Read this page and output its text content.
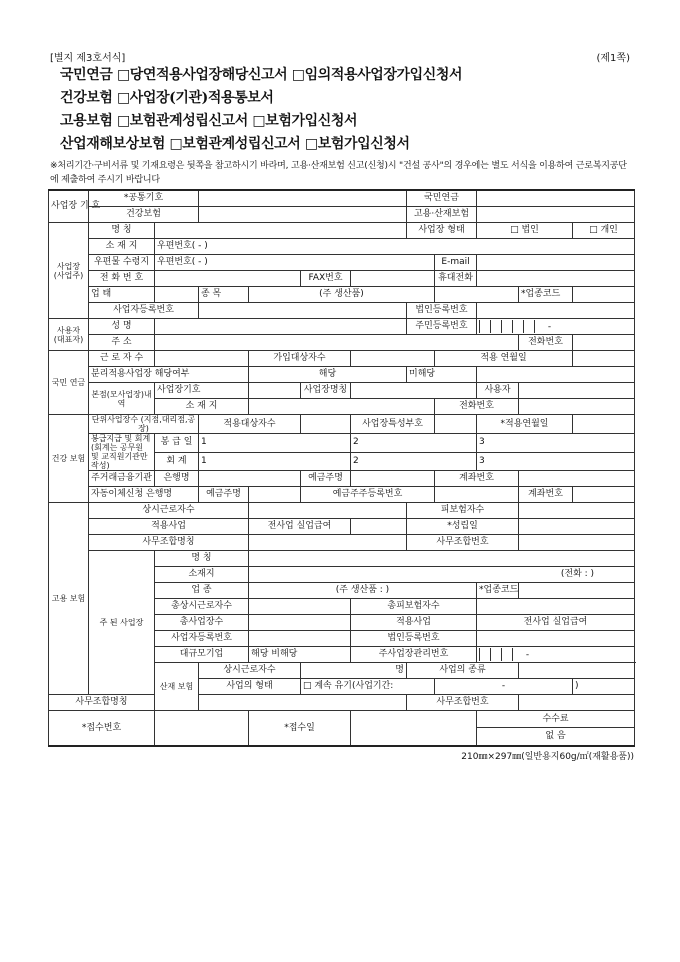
[별지 제3호서식]	(제1쪽)
국민연금 □당연적용사업장해당신고서 □임의적용사업장가입신청서
건강보험 □사업장(기관)적용통보서
고용보험 □보험관계성립신고서 □보험가입신청서
산업재해보상보험 □보험관계성립신고서 □보험가입신청서
※처리기간·구비서류 및 기재요령은 뒷쪽을 참고하시기 바라며, 고용·산재보험 신고(신청)시 "건설 공사"의 경우에는 별도 서식을 이용하여 근로복지공단에 제출하여 주시기 바랍니다
사업장 기 호	*공통기호						국민연금					
	건강보험						고용·산재보험					
사업장 (사업주)	명 칭						사업장 형태		□ 법인		□ 개인	
	소 재 지	우편번호( - )										
	우편물 수령지	우편번호( - )						E-mail				
	전 화 번 호				FAX번호			휴대전화				
	업 태		종 목	(주 생산품)						*업종코드		
	사업자등록번호						법인등록번호					
사용자 (대표자)	성 명						주민등록번호		-			
	주 소									전화번호		
국민 연금	근 로 자 수			가입대상자수				적용 연월일				
	분리적용사업장 해당여부			해당			미해당					
	본점(모사업장)내역	사업장기호			사업장명칭				사용자			
		소 재 지						전화번호				
건강 보험	단위사업장수 (지점,대리점,공장)		적용대상자수			사업장특성부호			*적용연월일			
	봉급지급 및 회계 (회계는 공무원 및 교직원기관만 작성)	봉 급 일	1			2			3			
		회 계	1			2			3			
	주거래금융기관	은행명			예금주명			계좌번호				
	자동이체신청 은행명		예금주명		예금주주등록번호					계좌번호		
고용 보험	상시근로자수						피보험자수					
	적용사업			전사업 실업급여			*성립일					
	사무조합명칭						사무조합번호					
	주 된 사업장	명 칭										
		소재지		(전화 : )								
		업 종		(주 생산품 : )					*업종코드			
		총상시근로자수				총피보험자수						
		총사업장수				적용사업			전사업 실업급여			
		사업자등록번호				법인등록번호						
		대규모기업		해당 비해당		주사업장관리번호			-			
		산재 보험	상시근로자수		명		사업의 종류		
			사업의 형태		□ 계속 유기(사업기간:			-			)		
사무조합명칭							사무조합번호					
*접수번호				*접수일					수수료			
									없 음			
210㎜×297㎜(일반용지60g/㎡(재활용품))
